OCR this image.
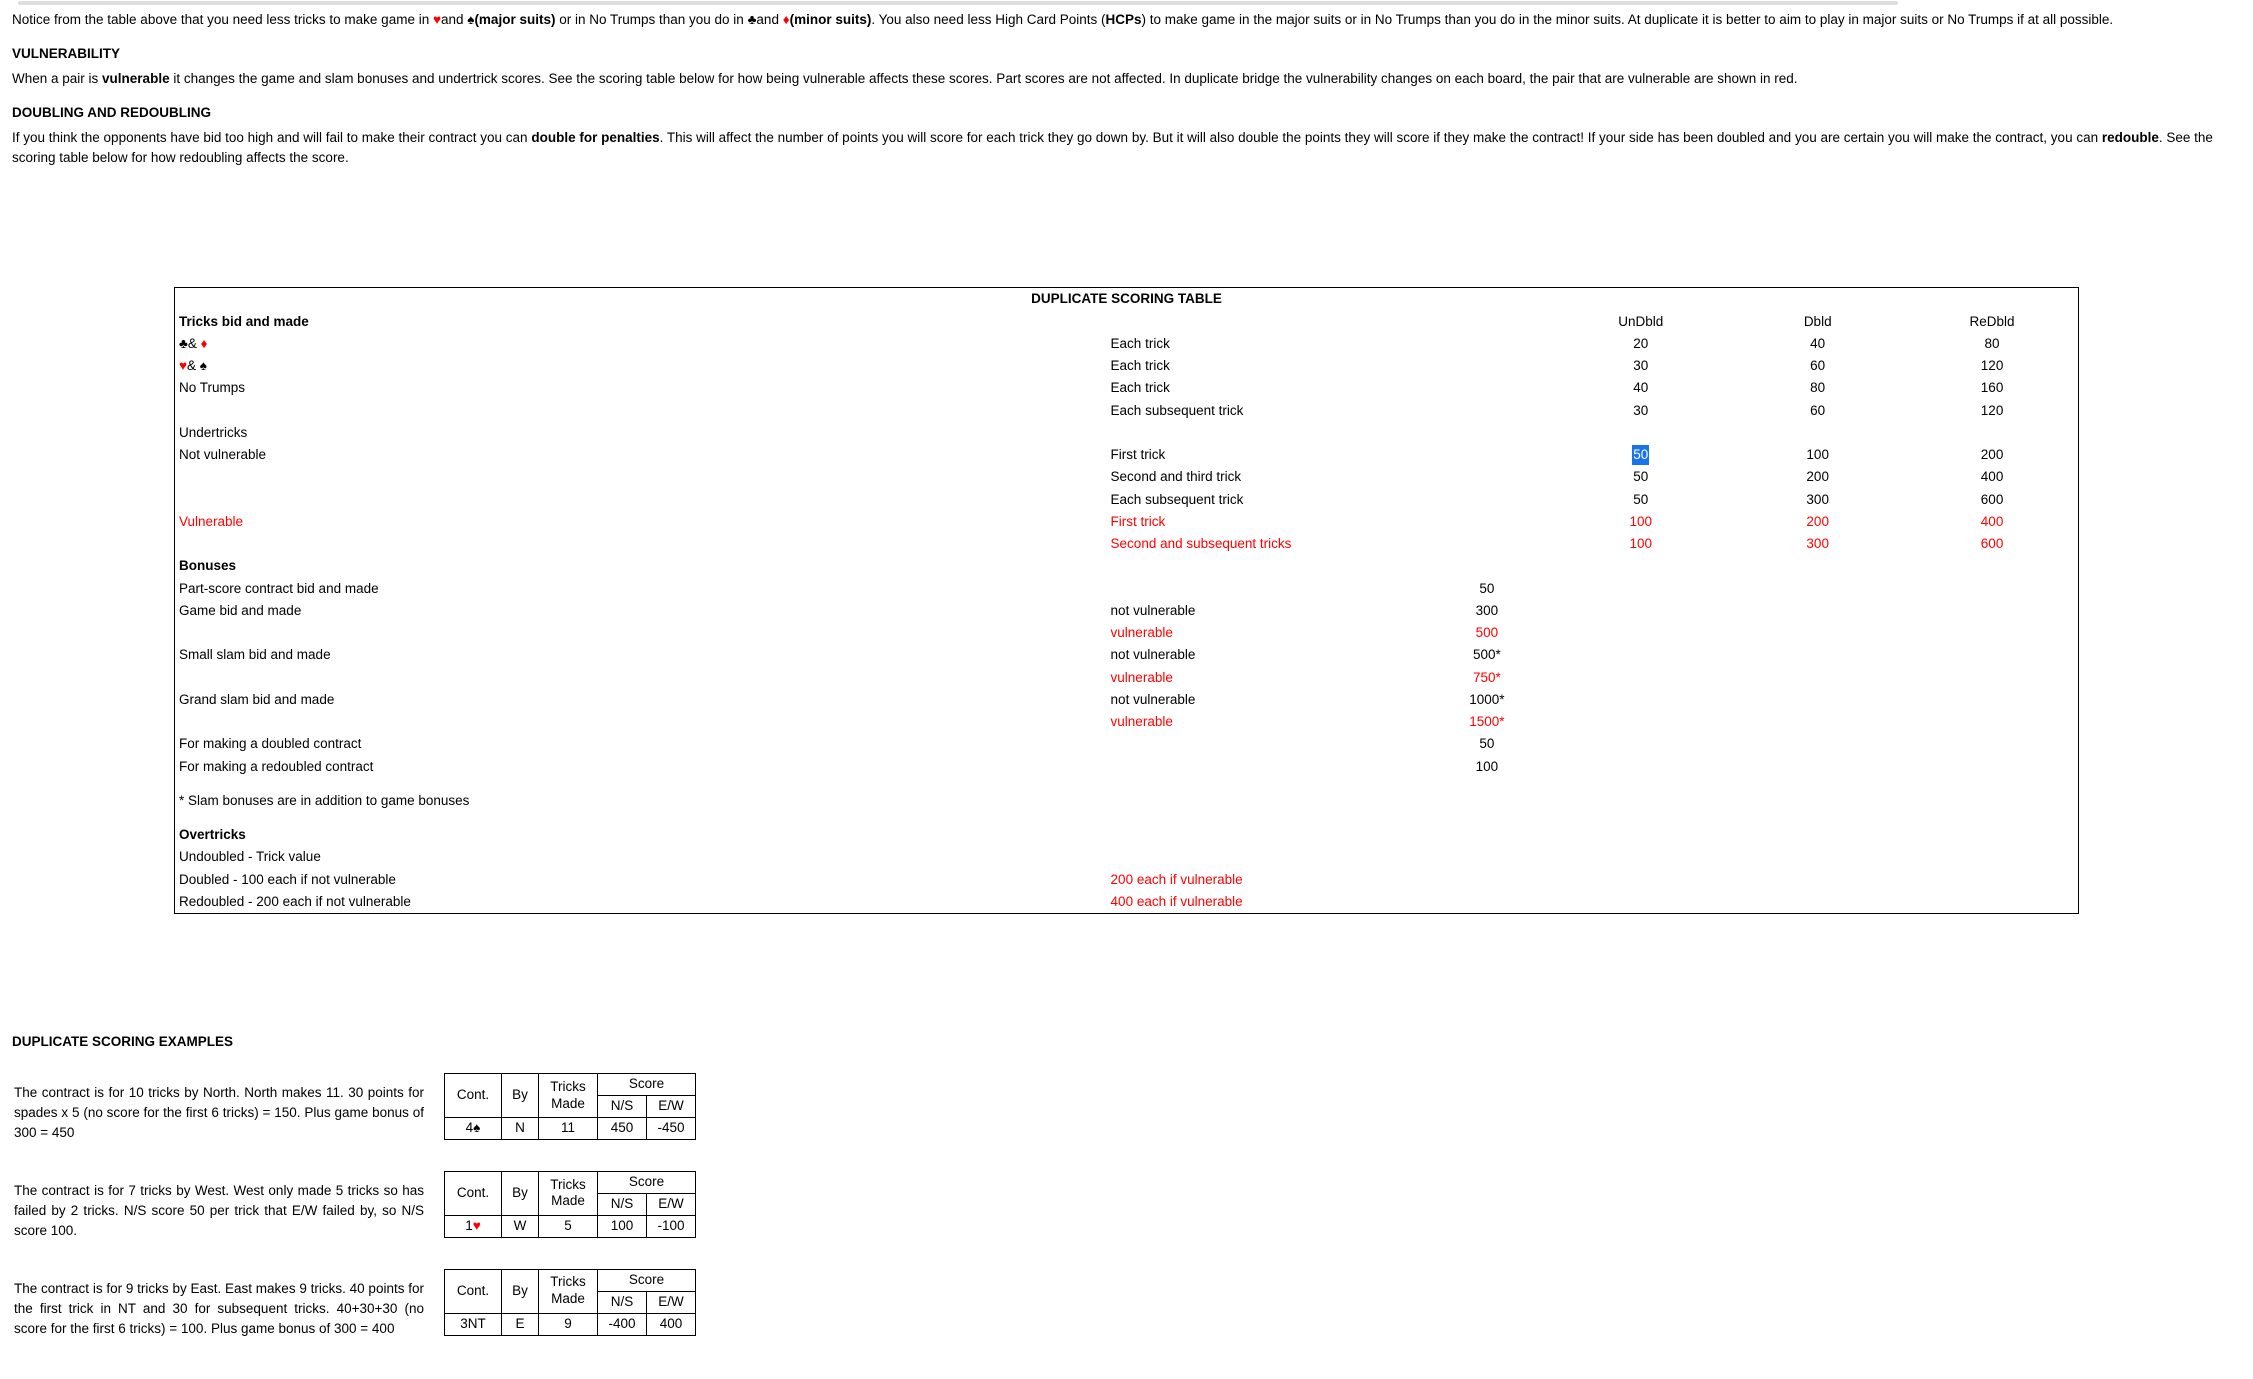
Notice from the table above that you need less tricks to make game in ♥and ♠(major suits) or in No Trumps than you do in ♣and ♦(minor suits). You also need less High Card Points (HCPs) to make game in the major suits or in No Trumps than you do in the minor suits. At duplicate it is better to aim to play in major suits or No Trumps if at all possible.

VULNERABILITY

When a pair is vulnerable it changes the game and slam bonuses and undertrick scores. See the scoring table below for how being vulnerable affects these scores. Part scores are not affected. In duplicate bridge the vulnerability changes on each board, the pair that are vulnerable are shown in red.

DOUBLING AND REDOUBLING

If you think the opponents have bid too high and will fail to make their contract you can double for penalties. This will affect the number of points you will score for each trick they go down by. But it will also double the points they will score if they make the contract! If your side has been doubled and you are certain you will make the contract, you can redouble. See the scoring table below for how redoubling affects the score.

DUPLICATE SCORING TABLE						
Tricks bid and made				UnDbld	Dbld	ReDbld
♣& ♦		Each trick		20	40	80
♥& ♠		Each trick		30	60	120
No Trumps		Each trick		40	80	160
		Each subsequent trick		30	60	120
Undertricks						
Not vulnerable		First trick		50	100	200
		Second and third trick		50	200	400
		Each subsequent trick		50	300	600
Vulnerable		First trick		100	200	400
		Second and subsequent tricks		100	300	600
Bonuses						
Part-score contract bid and made			50			
Game bid and made		not vulnerable	300			
		vulnerable	500			
Small slam bid and made		not vulnerable	500*			
		vulnerable	750*			
Grand slam bid and made		not vulnerable	1000*			
		vulnerable	1500*			
For making a doubled contract			50			
For making a redoubled contract			100			

* Slam bonuses are in addition to game bonuses						

Overtricks						
Undoubled - Trick value						
Doubled - 100 each if not vulnerable		200 each if vulnerable				
Redoubled - 200 each if not vulnerable		400 each if vulnerable				
DUPLICATE SCORING EXAMPLES
The contract is for 10 tricks by North. North makes 11. 30 points for spades x 5 (no score for the first 6 tricks) = 150. Plus game bonus of 300 = 450
Cont.	By	Tricks Made	Score	
			N/S	E/W
4♠	N	11	450	-450
The contract is for 7 tricks by West. West only made 5 tricks so has failed by 2 tricks. N/S score 50 per trick that E/W failed by, so N/S score 100.
Cont.	By	Tricks Made	Score	
			N/S	E/W
1♥	W	5	100	-100
The contract is for 9 tricks by East. East makes 9 tricks. 40 points for the first trick in NT and 30 for subsequent tricks. 40+30+30 (no score for the first 6 tricks) = 100. Plus game bonus of 300 = 400
Cont.	By	Tricks Made	Score	
			N/S	E/W
3NT	E	9	-400	400
